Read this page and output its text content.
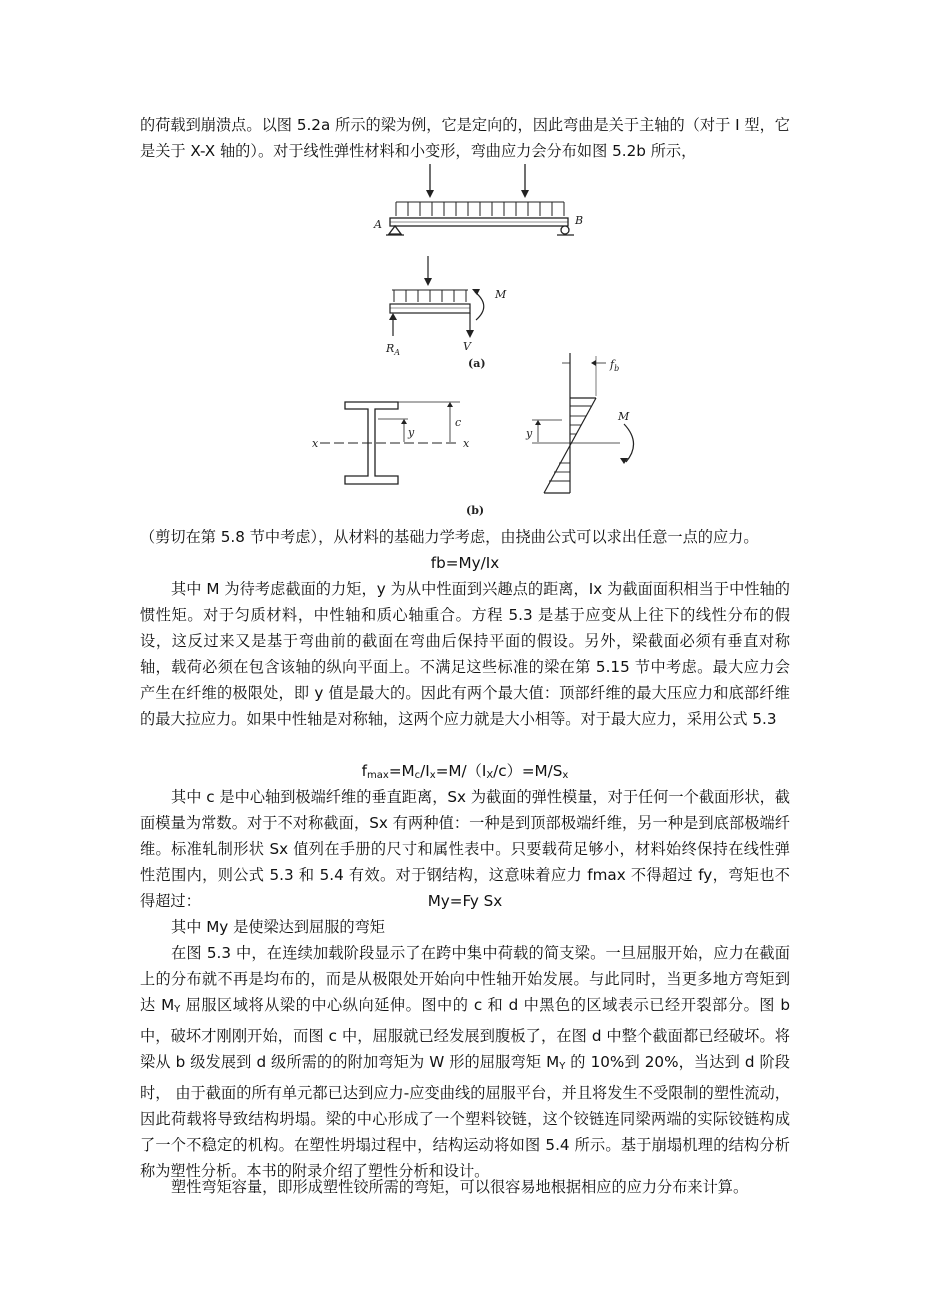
的荷载到崩溃点。以图 5.2a 所示的梁为例，它是定向的，因此弯曲是关于主轴的（对于 I 型，它是关于 X-X 轴的）。对于线性弹性材料和小变形，弯曲应力会分布如图 5.2b 所示，

A	B
M
V
$R_A$
(a)
c
y
x	x
$f_b$
y
M
(b)

（剪切在第 5.8 节中考虑），从材料的基础力学考虑，由挠曲公式可以求出任意一点的应力。

fb=My/Ix

其中 M 为待考虑截面的力矩，y 为从中性面到兴趣点的距离，Ix 为截面面积相当于中性轴的惯性矩。对于匀质材料，中性轴和质心轴重合。方程 5.3 是基于应变从上往下的线性分布的假设，这反过来又是基于弯曲前的截面在弯曲后保持平面的假设。另外，梁截面必须有垂直对称轴，载荷必须在包含该轴的纵向平面上。不满足这些标准的梁在第 5.15 节中考虑。最大应力会产生在纤维的极限处，即 y 值是最大的。因此有两个最大值：顶部纤维的最大压应力和底部纤维的最大拉应力。如果中性轴是对称轴，这两个应力就是大小相等。对于最大应力，采用公式 5.3

$f_{max}=M_c/I_x=M/(I_X/c)=M/S_x$

其中 c 是中心轴到极端纤维的垂直距离，Sx 为截面的弹性模量，对于任何一个截面形状，截面模量为常数。对于不对称截面，Sx 有两种值：一种是到顶部极端纤维，另一种是到底部极端纤维。标准轧制形状 Sx 值列在手册的尺寸和属性表中。只要载荷足够小，材料始终保持在线性弹性范围内，则公式 5.3 和 5.4 有效。对于钢结构，这意味着应力 fmax 不得超过 fy，弯矩也不得超过：	My=Fy Sx

其中 My 是使梁达到屈服的弯矩

在图 5.3 中，在连续加载阶段显示了在跨中集中荷载的简支梁。一旦屈服开始，应力在截面上的分布就不再是均布的，而是从极限处开始向中性轴开始发展。与此同时，当更多地方弯矩到达 $M_Y$ 屈服区域将从梁的中心纵向延伸。图中的 c 和 d 中黑色的区域表示已经开裂部分。图 b 中，破坏才刚刚开始，而图 c 中，屈服就已经发展到腹板了，在图 d 中整个截面都已经破坏。将梁从 b 级发展到 d 级所需的的附加弯矩为 W 形的屈服弯矩 $M_Y$ 的 10%到 20%，当达到 d 阶段时， 由于截面的所有单元都已达到应力-应变曲线的屈服平台，并且将发生不受限制的塑性流动，因此荷载将导致结构坍塌。梁的中心形成了一个塑料铰链，这个铰链连同梁两端的实际铰链构成了一个不稳定的机构。在塑性坍塌过程中，结构运动将如图 5.4 所示。基于崩塌机理的结构分析称为塑性分析。本书的附录介绍了塑性分析和设计。

塑性弯矩容量，即形成塑性铰所需的弯矩，可以很容易地根据相应的应力分布来计算。
